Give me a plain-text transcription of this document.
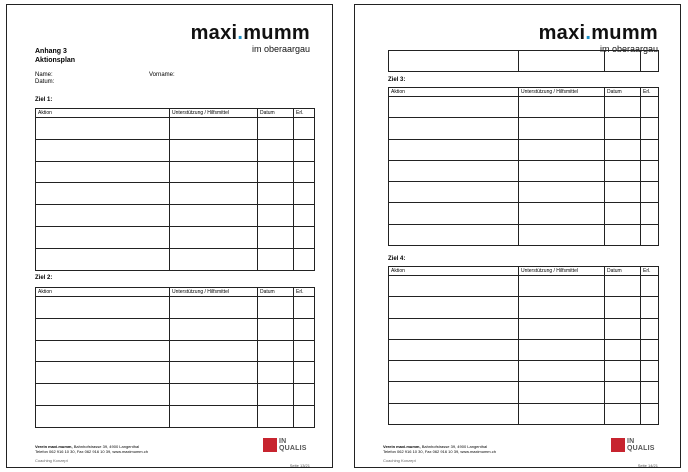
maxi.mumm
im oberaargau
Anhang 3
Aktionsplan
Name:	Vorname:
Datum:
Ziel 1:
Aktion	Unterstützung / Hilfsmittel	Datum	Erl.

Ziel 2:
Aktion	Unterstützung / Hilfsmittel	Datum	Erl.

Verein maxi.mumm, Bahnhofstrasse 39, 4900 Langenthal
Telefon 062 916 10 30, Fax 062 916 10 39, www.maximumm.ch
Coaching Konzept
IN
QUALIS
Seite 13/21
maxi.mumm
im oberaargau

Ziel 3:
Aktion	Unterstützung / Hilfsmittel	Datum	Erl.

Ziel 4:
Aktion	Unterstützung / Hilfsmittel	Datum	Erl.

Verein maxi.mumm, Bahnhofstrasse 39, 4900 Langenthal
Telefon 062 916 10 30, Fax 062 916 10 39, www.maximumm.ch
Coaching Konzept
IN
QUALIS
Seite 14/21
